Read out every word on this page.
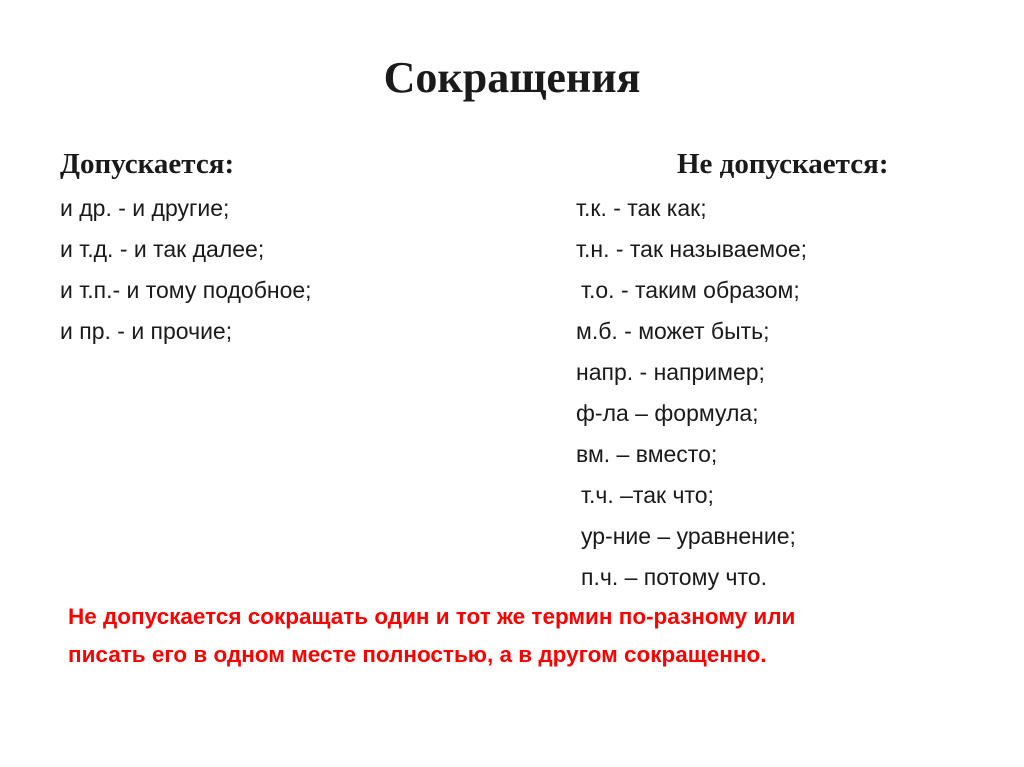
Сокращения
Допускается:	Не допускается:
и др. - и другие;
и т.д. - и так далее;
и т.п.- и тому подобное;
и пр. - и прочие;
т.к. - так как;
т.н. - так называемое;
т.о. - таким образом;
м.б. - может быть;
напр. - например;
ф-ла – формула;
вм. – вместо;
т.ч. –так что;
ур-ние – уравнение;
п.ч. – потому что.

Не допускается сокращать один и тот же термин по-разному или
писать его в одном месте полностью, а в другом сокращенно.
